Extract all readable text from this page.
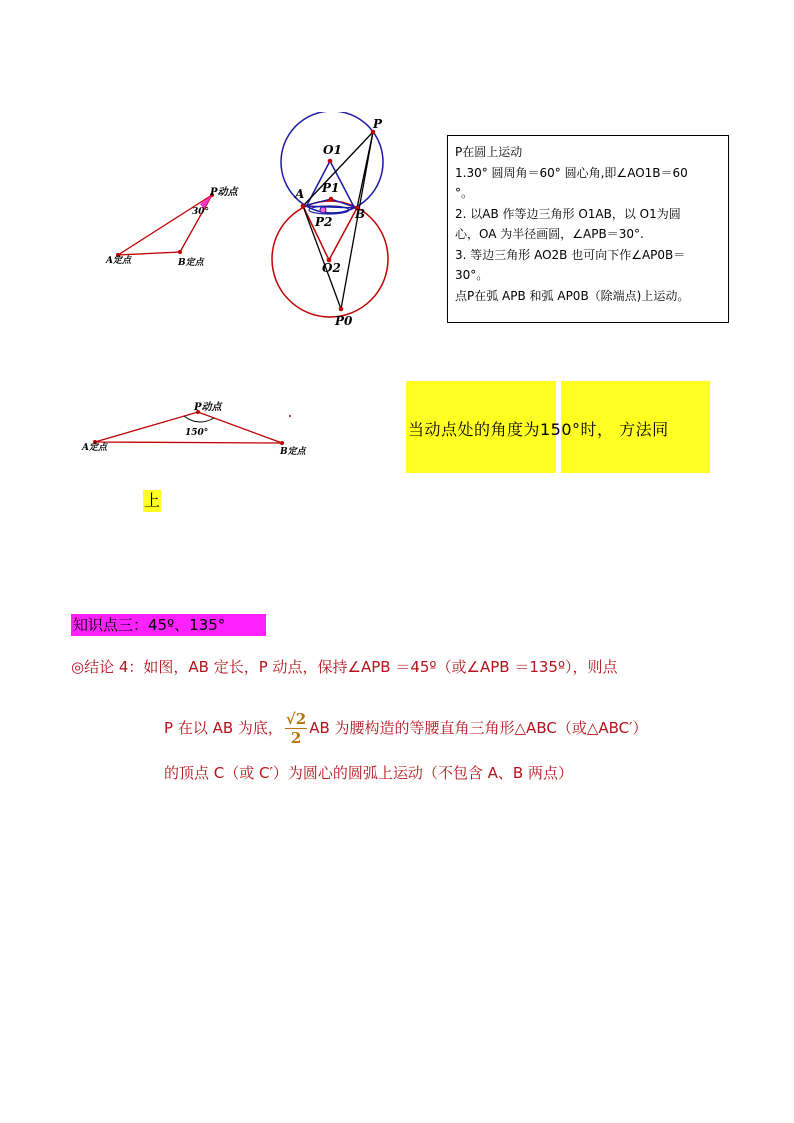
P动点
30°
A定点	B定点
P
O1
A P1
B
P2
O2
P0
P在圆上运动
1.30° 圆周角＝60° 圆心角,即∠AO1B＝60
°。
2. 以AB 作等边三角形 O1AB，以 O1为圆
心，OA 为半径画圆，∠APB＝30°.
3. 等边三角形 AO2B 也可向下作∠AP0B＝
30°。
点P在弧 APB 和弧 AP0B（除端点)上运动。
P动点
150°
A定点	B定点
当动点处的角度为150°时， 方法同
上
知识点三：45º、135°
◎结论 4：如图，AB 定长，P 动点，保持∠APB ＝45º（或∠APB ＝135º），则点
P 在以 AB 为底， $\frac{√2}{2}$ AB 为腰构造的等腰直角三角形△ABC（或△ABC′）
的顶点 C（或 C′）为圆心的圆弧上运动（不包含 A、B 两点）
